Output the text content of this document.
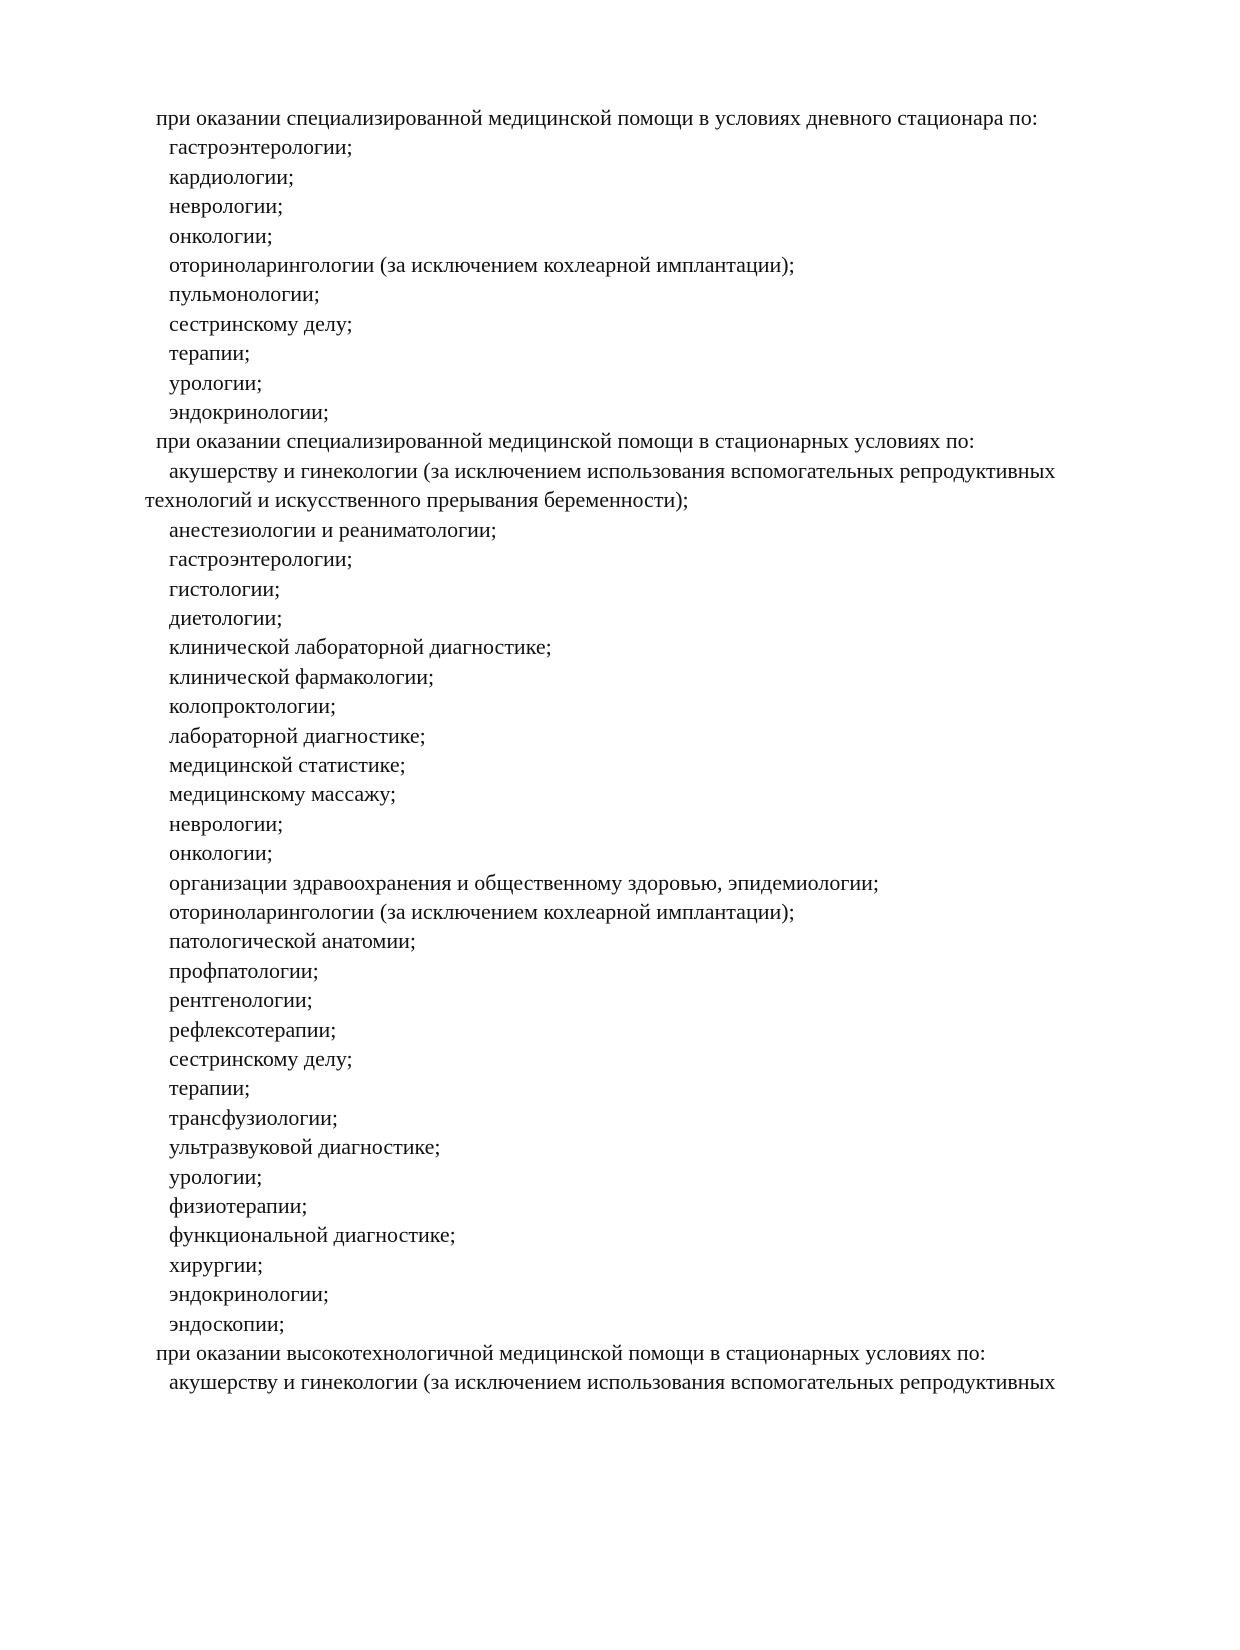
при оказании специализированной медицинской помощи в условиях дневного стационара по:

гастроэнтерологии;

кардиологии;

неврологии;

онкологии;

оториноларингологии (за исключением кохлеарной имплантации);

пульмонологии;

сестринскому делу;

терапии;

урологии;

эндокринологии;

при оказании специализированной медицинской помощи в стационарных условиях по:

акушерству и гинекологии (за исключением использования вспомогательных репродуктивных

технологий и искусственного прерывания беременности);

анестезиологии и реаниматологии;

гастроэнтерологии;

гистологии;

диетологии;

клинической лабораторной диагностике;

клинической фармакологии;

колопроктологии;

лабораторной диагностике;

медицинской статистике;

медицинскому массажу;

неврологии;

онкологии;

организации здравоохранения и общественному здоровью, эпидемиологии;

оториноларингологии (за исключением кохлеарной имплантации);

патологической анатомии;

профпатологии;

рентгенологии;

рефлексотерапии;

сестринскому делу;

терапии;

трансфузиологии;

ультразвуковой диагностике;

урологии;

физиотерапии;

функциональной диагностике;

хирургии;

эндокринологии;

эндоскопии;

при оказании высокотехнологичной медицинской помощи в стационарных условиях по:

акушерству и гинекологии (за исключением использования вспомогательных репродуктивных
